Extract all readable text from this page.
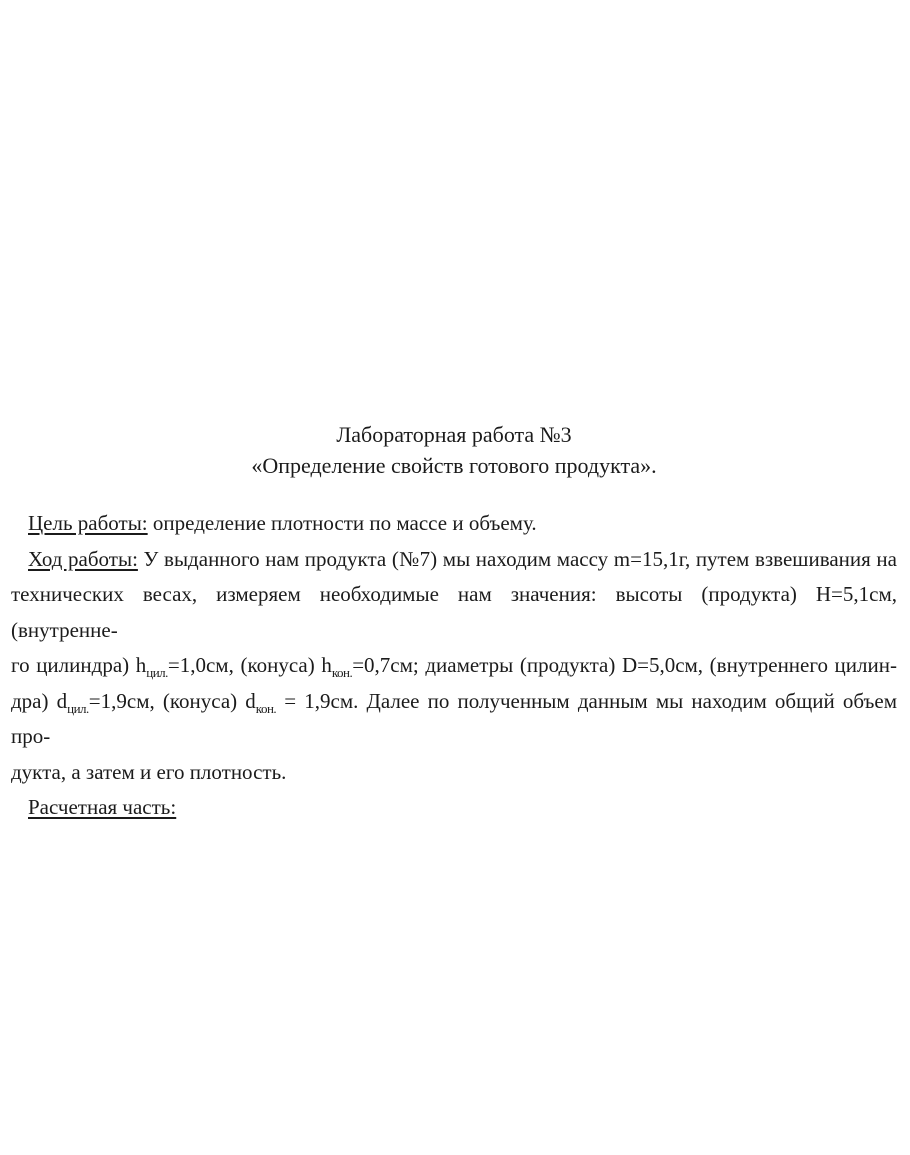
Лабораторная работа №3
«Определение свойств готового продукта».
Цель работы: определение плотности по массе и объему.
Ход работы: У выданного нам продукта (№7) мы находим массу m=15,1г, путем взвешивания на
технических весах, измеряем необходимые нам значения: высоты (продукта) H=5,1см, (внутренне-
го цилиндра) $h_{цил.}=1,0см$, (конуса) $h_{кон.}=0,7см$; диаметры (продукта) D=5,0см, (внутреннего цилин-
дра) $d_{цил.}=1,9см$, (конуса) $d_{кон.} = 1,9см$. Далее по полученным данным мы находим общий объем про-
дукта, а затем и его плотность.
Расчетная часть:
